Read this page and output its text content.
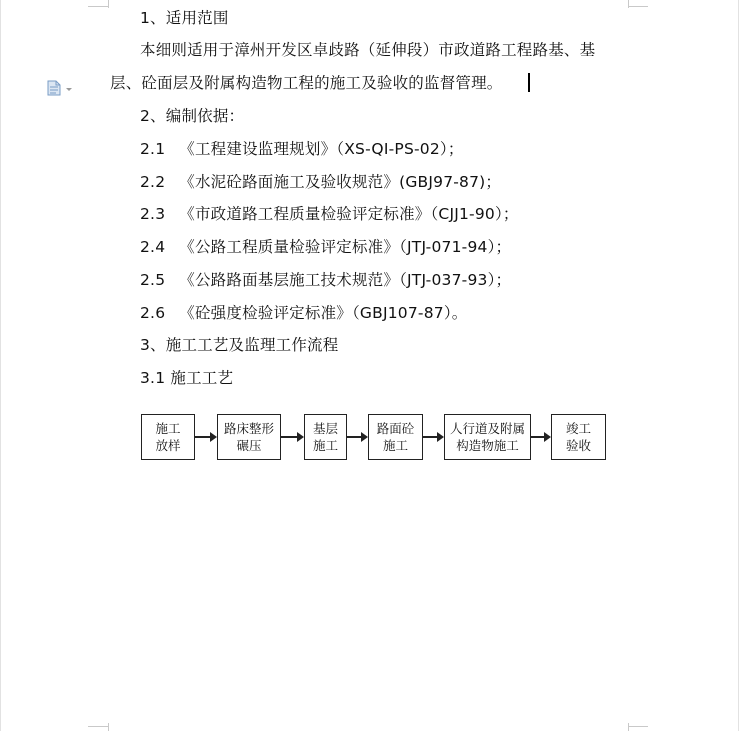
1、适用范围
本细则适用于漳州开发区卓歧路（延伸段）市政道路工程路基、基
层、砼面层及附属构造物工程的施工及验收的监督管理。
2、编制依据：
2.1 《工程建设监理规划》（XS-QI-PS-02）；
2.2 《水泥砼路面施工及验收规范》(GBJ97-87)；
2.3 《市政道路工程质量检验评定标准》（CJJ1-90）；
2.4 《公路工程质量检验评定标准》（JTJ-071-94）；
2.5 《公路路面基层施工技术规范》（JTJ-037-93）；
2.6 《砼强度检验评定标准》（GBJ107-87）。
3、施工工艺及监理工作流程
3.1 施工工艺
施工
放样
路床整形
碾压
基层
施工
路面砼
施工
人行道及附属
构造物施工
竣工
验收
